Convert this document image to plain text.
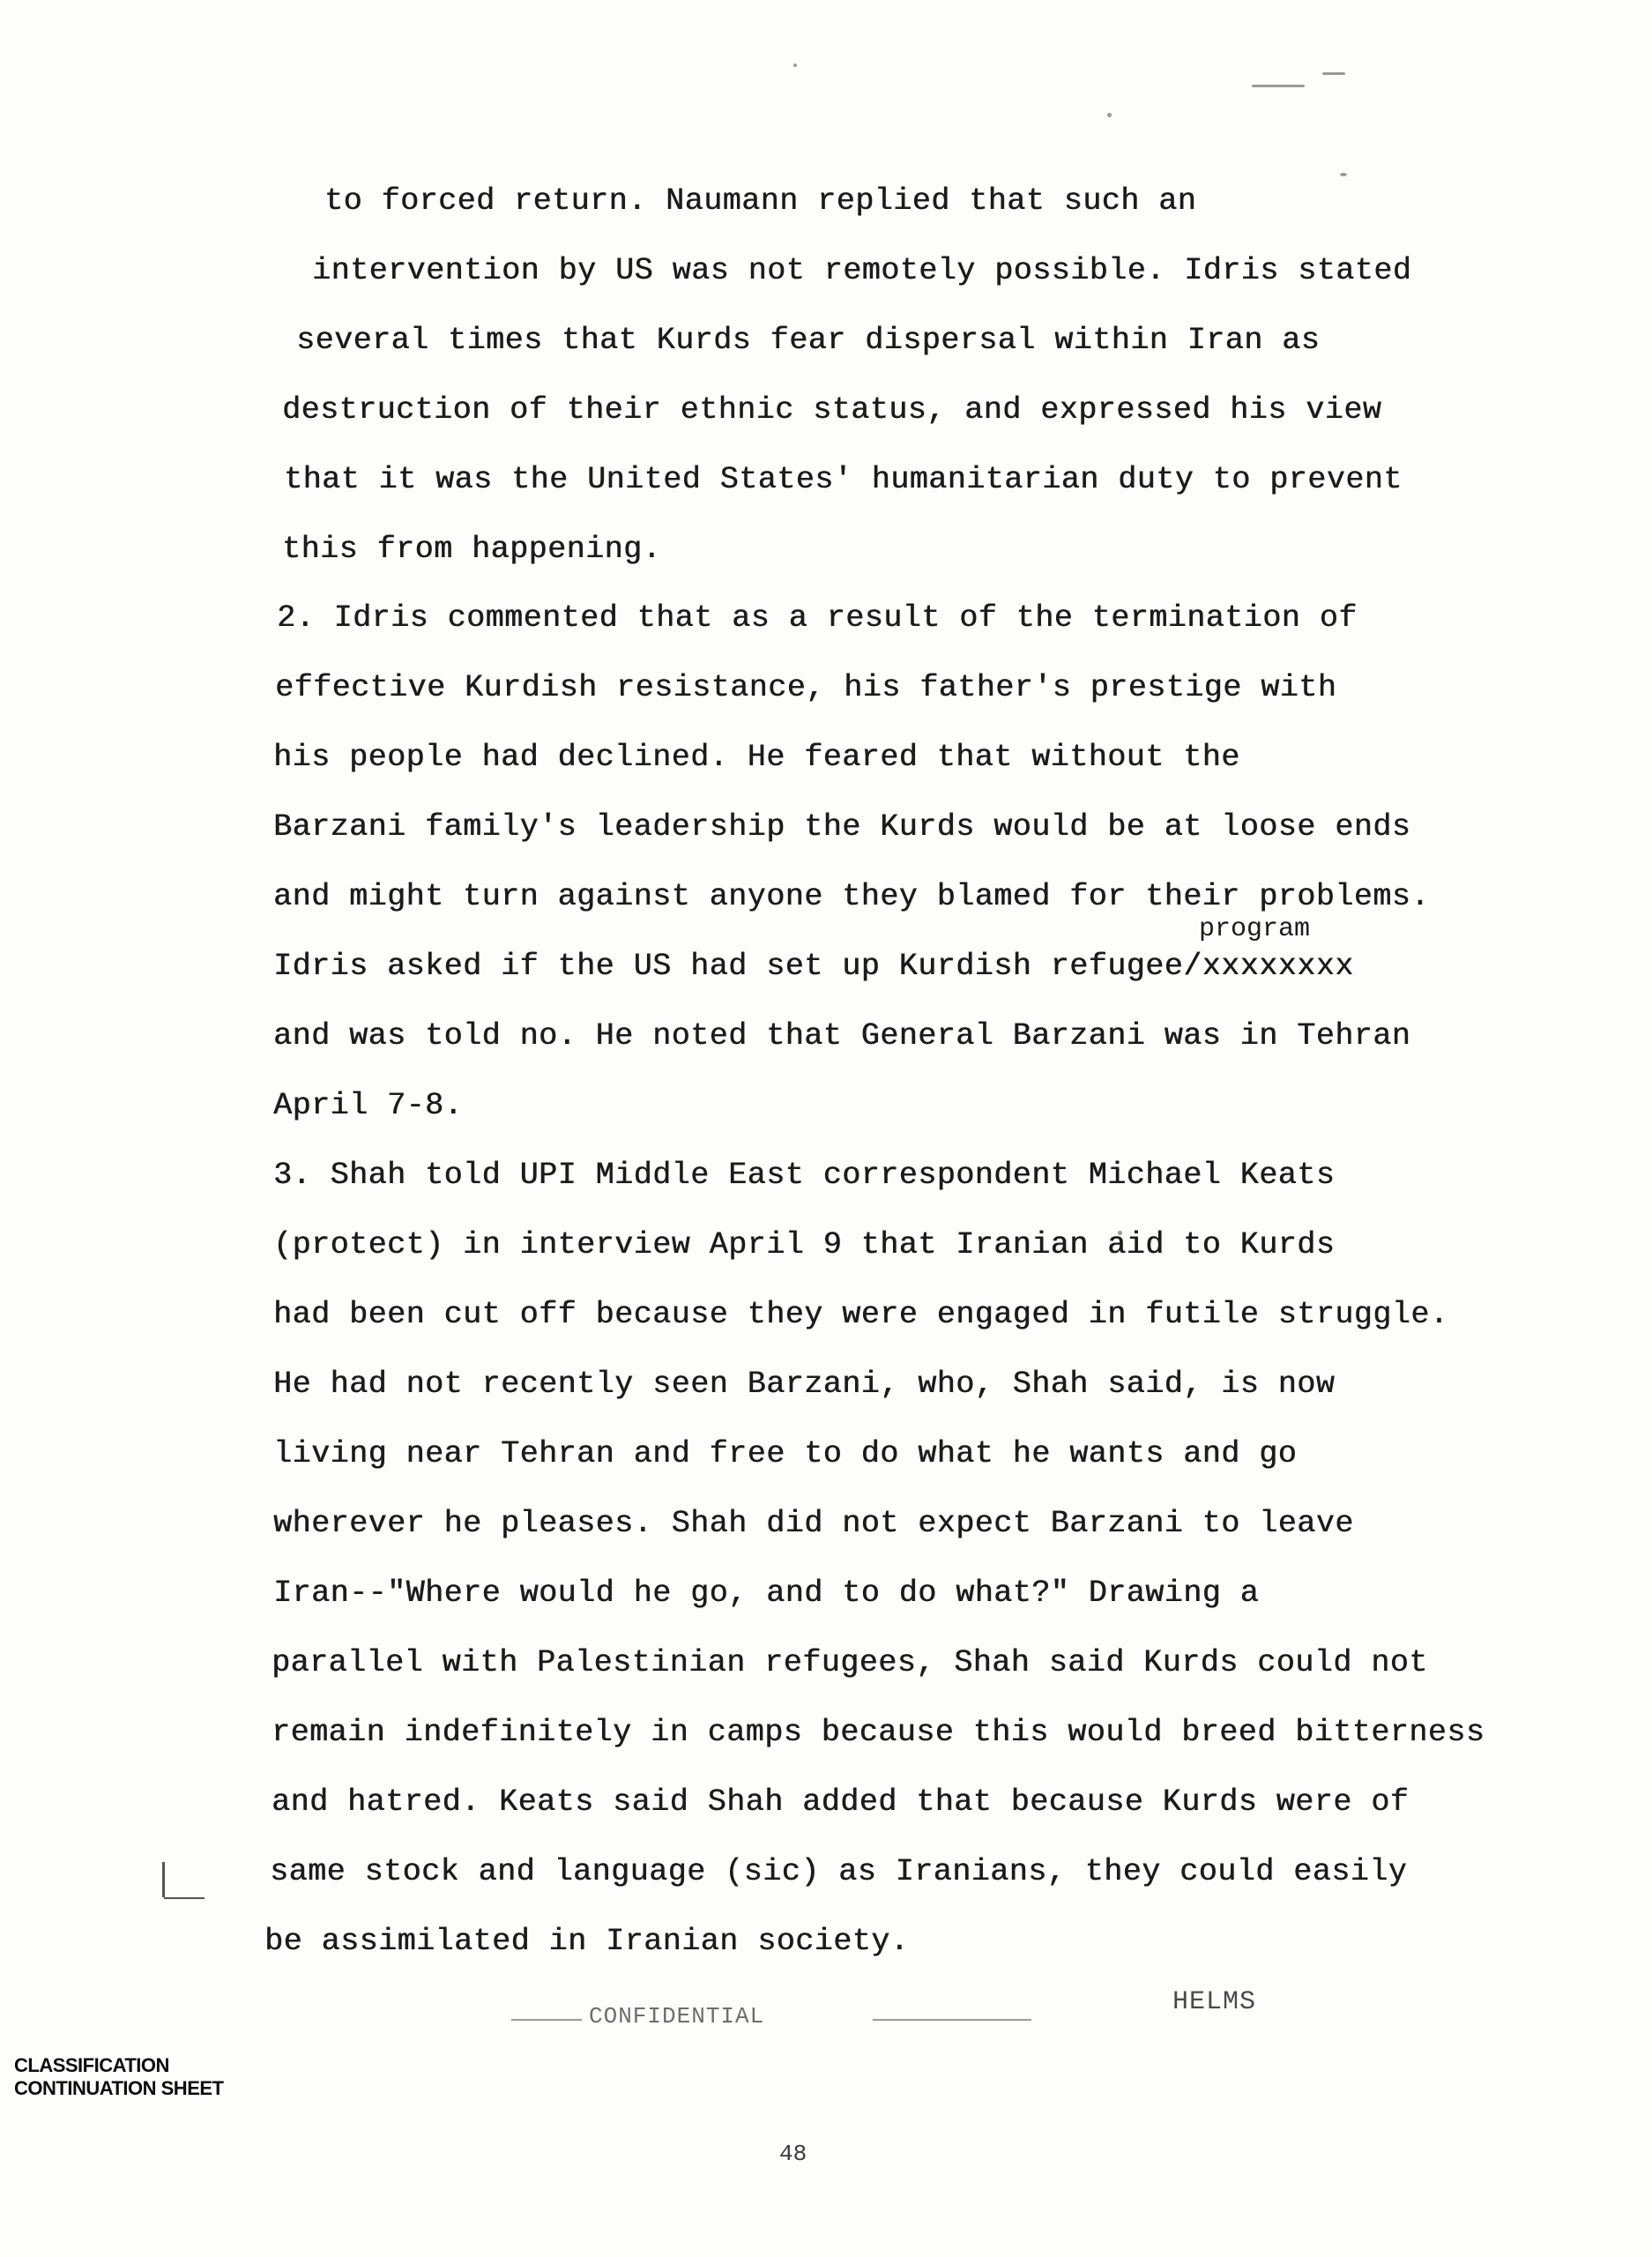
to forced return. Naumann replied that such an
intervention by US was not remotely possible. Idris stated
several times that Kurds fear dispersal within Iran as
destruction of their ethnic status, and expressed his view
that it was the United States' humanitarian duty to prevent
this from happening.
2. Idris commented that as a result of the termination of
effective Kurdish resistance, his father's prestige with
his people had declined. He feared that without the
Barzani family's leadership the Kurds would be at loose ends
and might turn against anyone they blamed for their problems.
program
Idris asked if the US had set up Kurdish refugee/xxxxxxxx
and was told no. He noted that General Barzani was in Tehran
April 7-8.
3. Shah told UPI Middle East correspondent Michael Keats
(protect) in interview April 9 that Iranian aid to Kurds
had been cut off because they were engaged in futile struggle.
He had not recently seen Barzani, who, Shah said, is now
living near Tehran and free to do what he wants and go
wherever he pleases. Shah did not expect Barzani to leave
Iran--"Where would he go, and to do what?" Drawing a
parallel with Palestinian refugees, Shah said Kurds could not
remain indefinitely in camps because this would breed bitterness
and hatred. Keats said Shah added that because Kurds were of
same stock and language (sic) as Iranians, they could easily
be assimilated in Iranian society.
HELMS
CONFIDENTIAL
CLASSIFICATION
CONTINUATION SHEET
48
